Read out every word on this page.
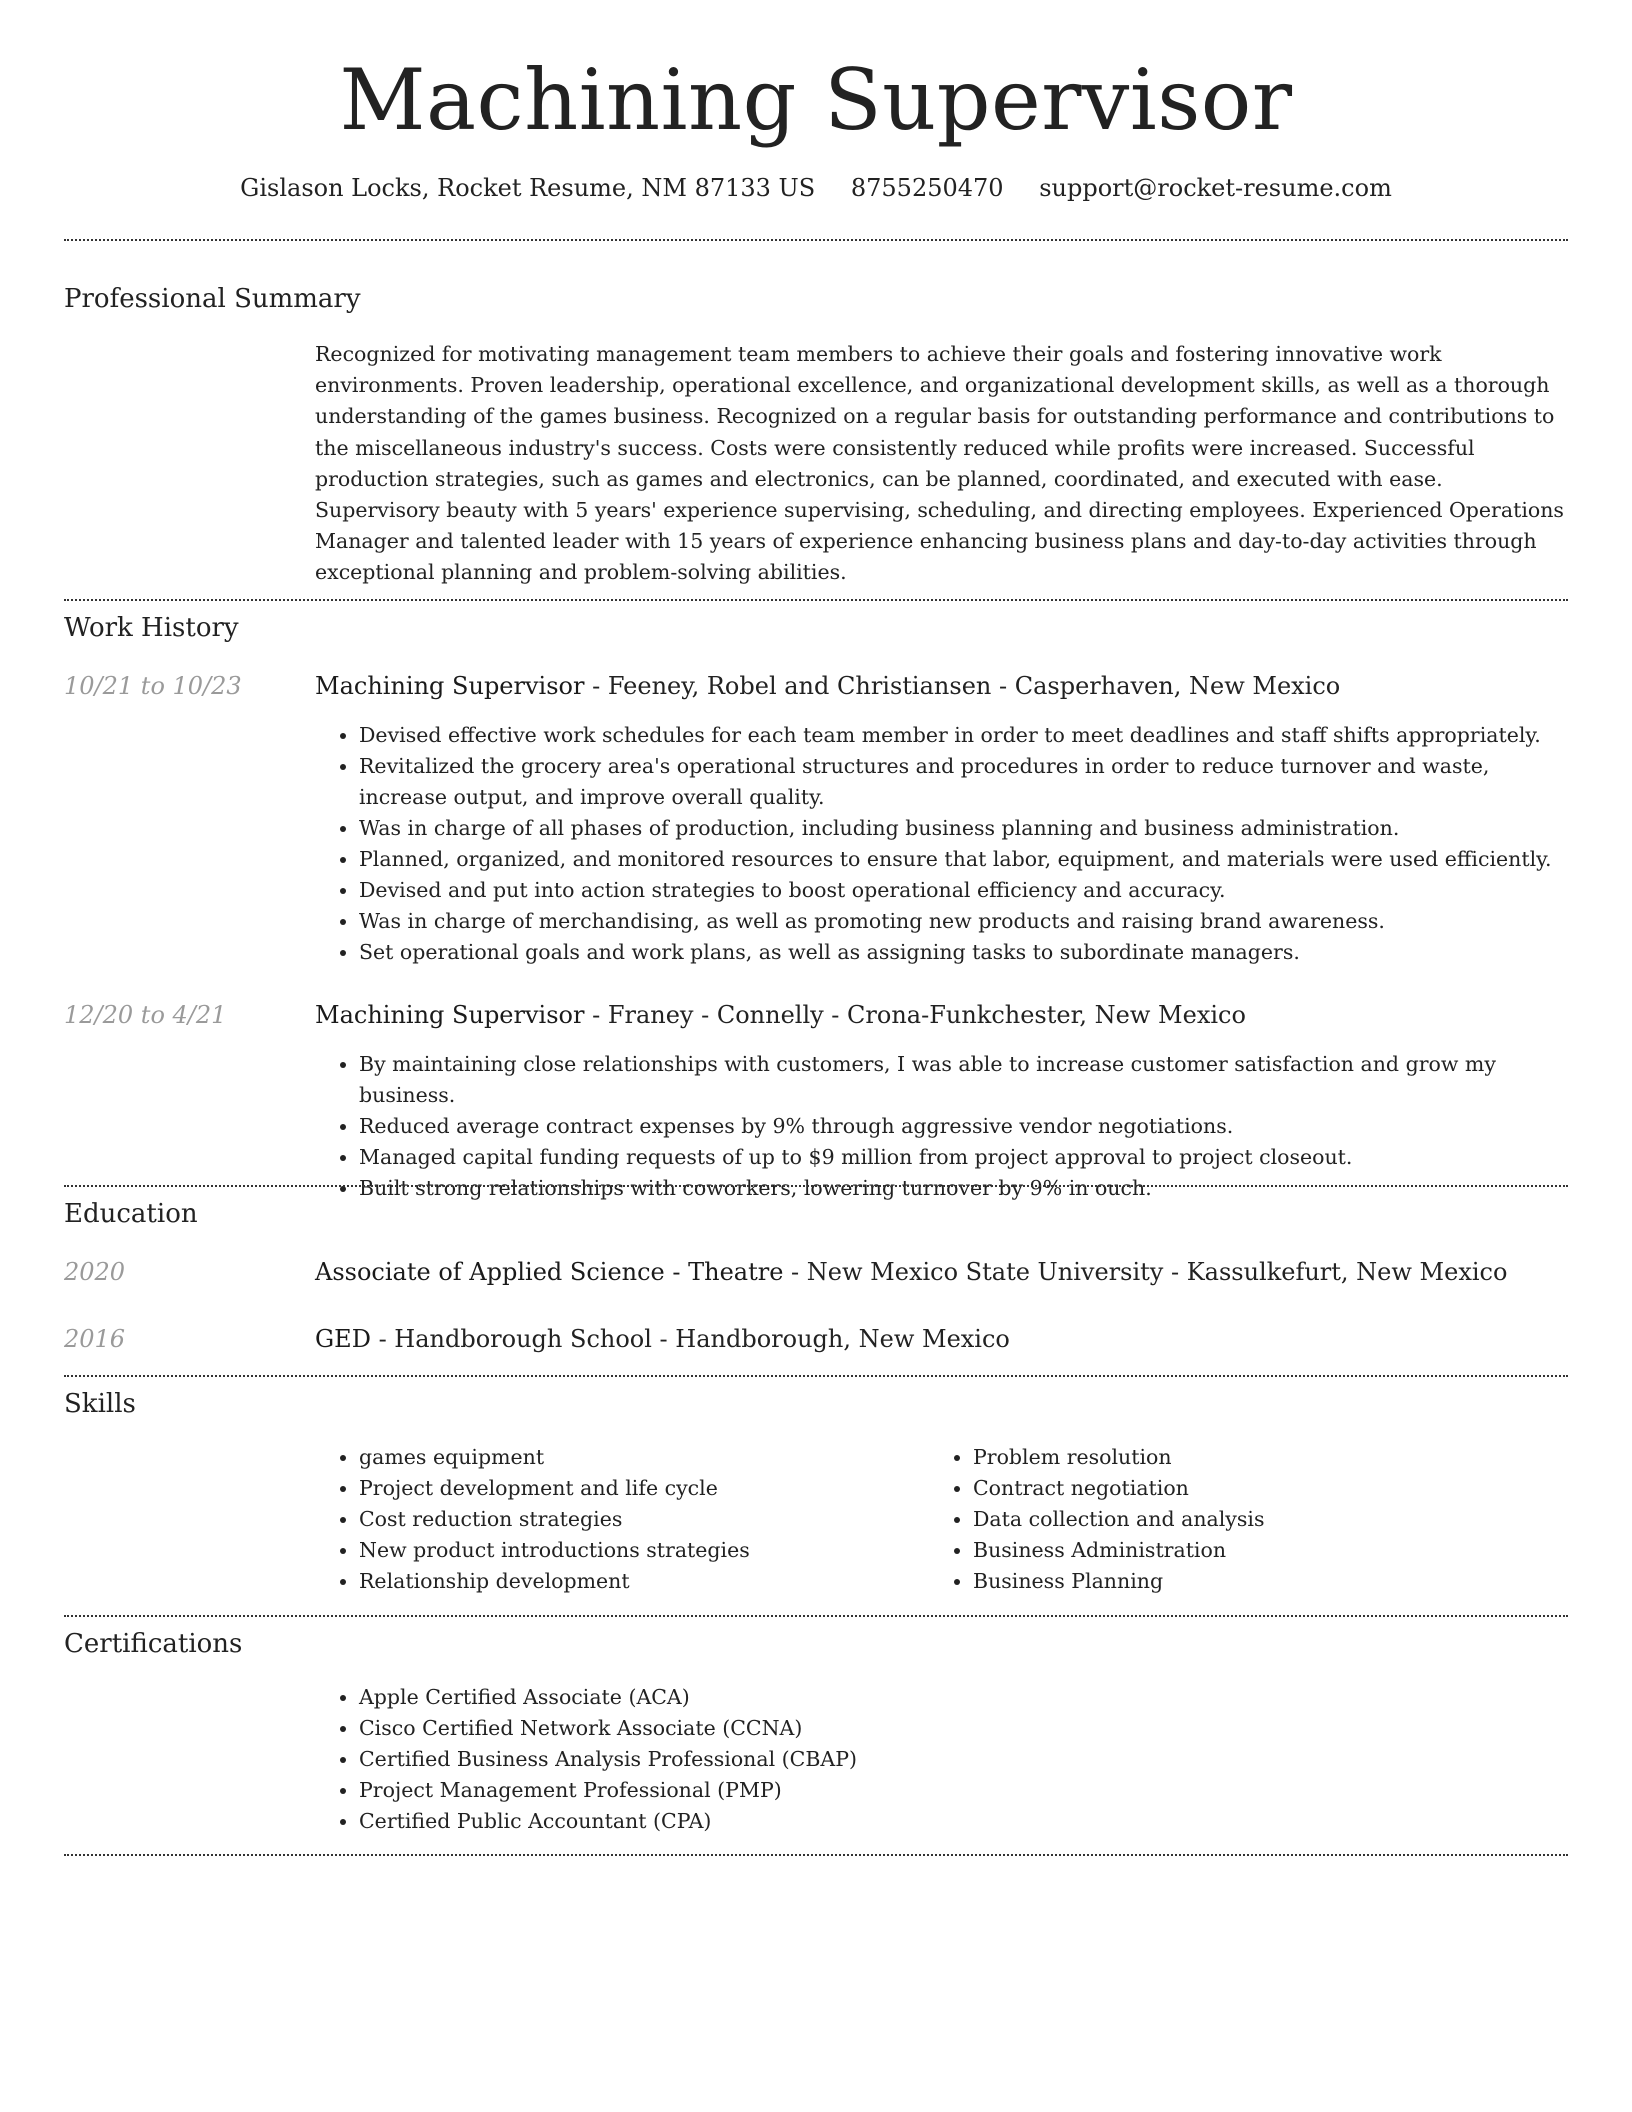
Machining Supervisor
Gislason Locks, Rocket Resume, NM 87133 US 8755250470 support@rocket-resume.com
Professional Summary

Recognized for motivating management team members to achieve their goals and fostering innovative work environments. Proven leadership, operational excellence, and organizational development skills, as well as a thorough understanding of the games business. Recognized on a regular basis for outstanding performance and contributions to the miscellaneous industry's success. Costs were consistently reduced while profits were increased. Successful production strategies, such as games and electronics, can be planned, coordinated, and executed with ease. Supervisory beauty with 5 years' experience supervising, scheduling, and directing employees. Experienced Operations Manager and talented leader with 15 years of experience enhancing business plans and day-to-day activities through exceptional planning and problem-solving abilities.

Work History
10/21 to 10/23	Machining Supervisor - Feeney, Robel and Christiansen - Casperhaven, New Mexico
• Devised effective work schedules for each team member in order to meet deadlines and staff shifts appropriately.
• Revitalized the grocery area's operational structures and procedures in order to reduce turnover and waste, increase output, and improve overall quality.
• Was in charge of all phases of production, including business planning and business administration.
• Planned, organized, and monitored resources to ensure that labor, equipment, and materials were used efficiently.
• Devised and put into action strategies to boost operational efficiency and accuracy.
• Was in charge of merchandising, as well as promoting new products and raising brand awareness.
• Set operational goals and work plans, as well as assigning tasks to subordinate managers.
12/20 to 4/21	Machining Supervisor - Franey - Connelly - Crona-Funkchester, New Mexico
• By maintaining close relationships with customers, I was able to increase customer satisfaction and grow my business.
• Reduced average contract expenses by 9% through aggressive vendor negotiations.
• Managed capital funding requests of up to $9 million from project approval to project closeout.
• Built strong relationships with coworkers, lowering turnover by 9% in ouch.
Education
2020	Associate of Applied Science - Theatre - New Mexico State University - Kassulkefurt, New Mexico
2016	GED - Handborough School - Handborough, New Mexico
Skills
• games equipment
• Project development and life cycle
• Cost reduction strategies
• New product introductions strategies
• Relationship development
• Problem resolution
• Contract negotiation
• Data collection and analysis
• Business Administration
• Business Planning
Certifications
• Apple Certified Associate (ACA)
• Cisco Certified Network Associate (CCNA)
• Certified Business Analysis Professional (CBAP)
• Project Management Professional (PMP)
• Certified Public Accountant (CPA)
